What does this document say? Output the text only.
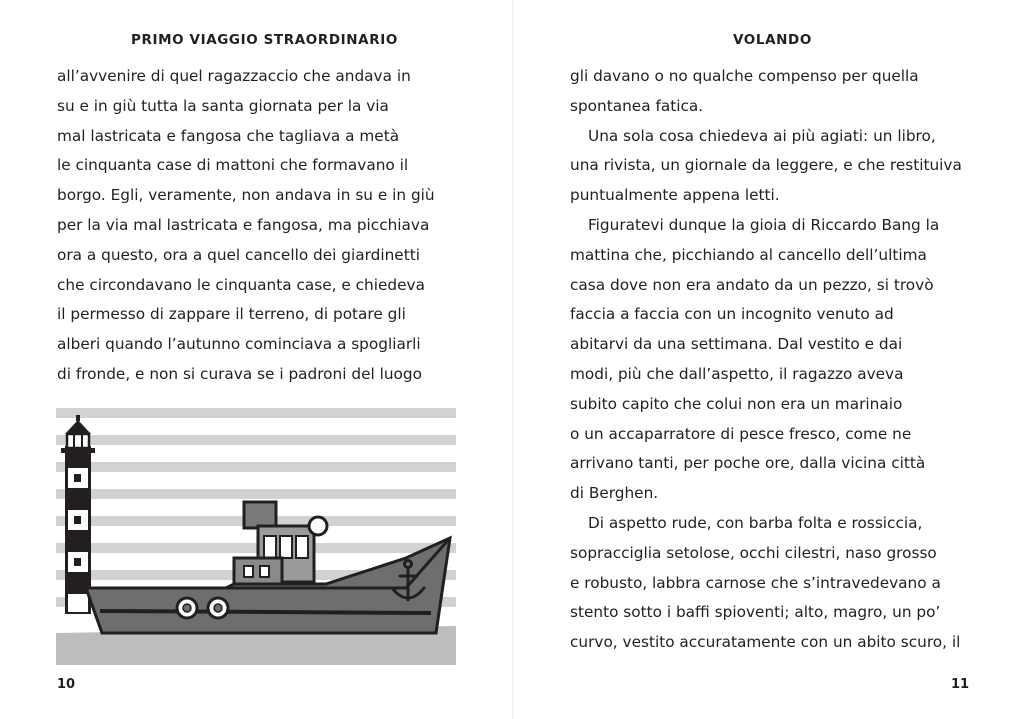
PRIMO VIAGGIO STRAORDINARIO
all’avvenire di quel ragazzaccio che andava in
su e in giù tutta la santa giornata per la via
mal lastricata e fangosa che tagliava a metà
le cinquanta case di mattoni che formavano il
borgo. Egli, veramente, non andava in su e in giù
per la via mal lastricata e fangosa, ma picchiava
ora a questo, ora a quel cancello dei giardinetti
che circondavano le cinquanta case, e chiedeva
il permesso di zappare il terreno, di potare gli
alberi quando l’autunno cominciava a spogliarli
di fronde, e non si curava se i padroni del luogo
10
VOLANDO
gli davano o no qualche compenso per quella
spontanea fatica.
Una sola cosa chiedeva ai più agiati: un libro,
una rivista, un giornale da leggere, e che restituiva
puntualmente appena letti.
Figuratevi dunque la gioia di Riccardo Bang la
mattina che, picchiando al cancello dell’ultima
casa dove non era andato da un pezzo, si trovò
faccia a faccia con un incognito venuto ad
abitarvi da una settimana. Dal vestito e dai
modi, più che dall’aspetto, il ragazzo aveva
subito capito che colui non era un marinaio
o un accaparratore di pesce fresco, come ne
arrivano tanti, per poche ore, dalla vicina città
di Berghen.
Di aspetto rude, con barba folta e rossiccia,
sopracciglia setolose, occhi cilestri, naso grosso
e robusto, labbra carnose che s’intravedevano a
stento sotto i baffi spioventi; alto, magro, un po’
curvo, vestito accuratamente con un abito scuro, il
11
